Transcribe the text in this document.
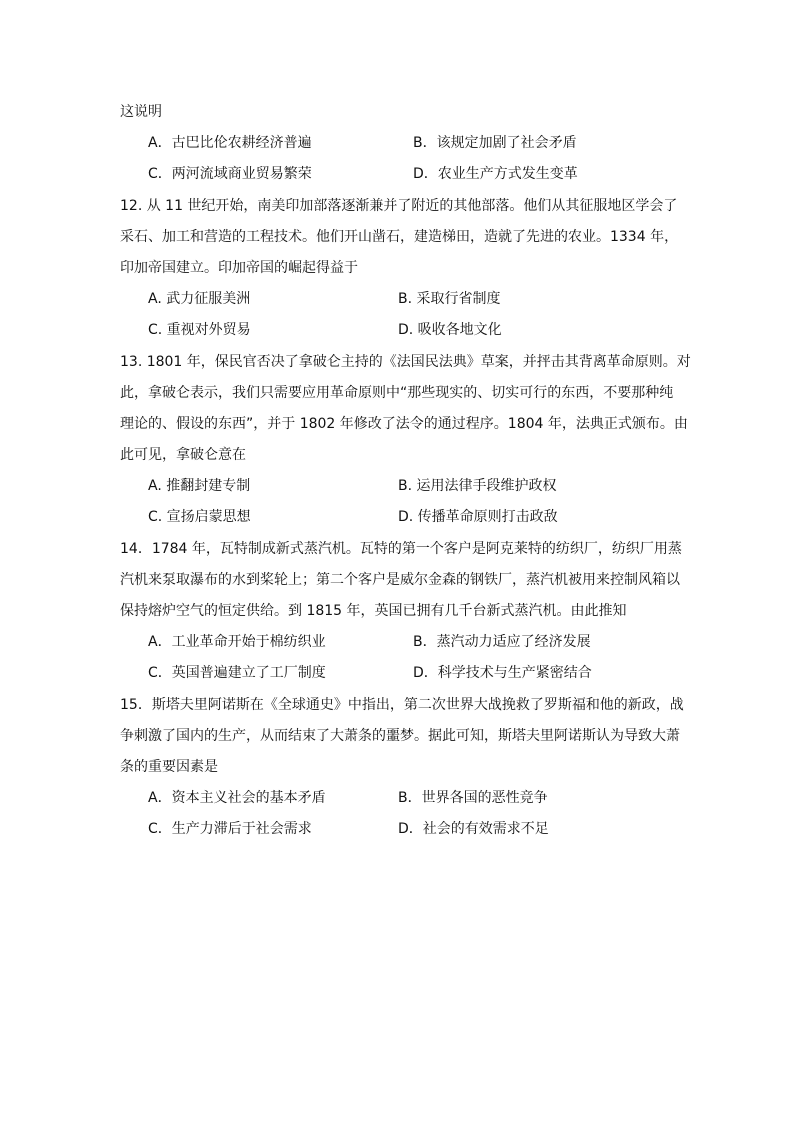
这说明
A．古巴比伦农耕经济普遍	B．该规定加剧了社会矛盾
C．两河流域商业贸易繁荣	D．农业生产方式发生变革
12. 从 11 世纪开始，南美印加部落逐渐兼并了附近的其他部落。他们从其征服地区学会了
采石、加工和营造的工程技术。他们开山凿石，建造梯田，造就了先进的农业。1334 年，
印加帝国建立。印加帝国的崛起得益于
A. 武力征服美洲	B. 采取行省制度
C. 重视对外贸易	D. 吸收各地文化
13. 1801 年，保民官否决了拿破仑主持的《法国民法典》草案，并抨击其背离革命原则。对
此，拿破仑表示，我们只需要应用革命原则中“那些现实的、切实可行的东西，不要那种纯
理论的、假设的东西”，并于 1802 年修改了法令的通过程序。1804 年，法典正式颁布。由
此可见，拿破仑意在
A. 推翻封建专制	B. 运用法律手段维护政权
C. 宣扬启蒙思想	D. 传播革命原则打击政敌
14．1784 年，瓦特制成新式蒸汽机。瓦特的第一个客户是阿克莱特的纺织厂，纺织厂用蒸
汽机来泵取瀑布的水到桨轮上；第二个客户是威尔金森的钢铁厂，蒸汽机被用来控制风箱以
保持熔炉空气的恒定供给。到 1815 年，英国已拥有几千台新式蒸汽机。由此推知
A．工业革命开始于棉纺织业	B．蒸汽动力适应了经济发展
C．英国普遍建立了工厂制度	D．科学技术与生产紧密结合
15．斯塔夫里阿诺斯在《全球通史》中指出，第二次世界大战挽救了罗斯福和他的新政，战
争刺激了国内的生产，从而结束了大萧条的噩梦。据此可知，斯塔夫里阿诺斯认为导致大萧
条的重要因素是
A．资本主义社会的基本矛盾	B．世界各国的恶性竞争
C．生产力滞后于社会需求	D．社会的有效需求不足
